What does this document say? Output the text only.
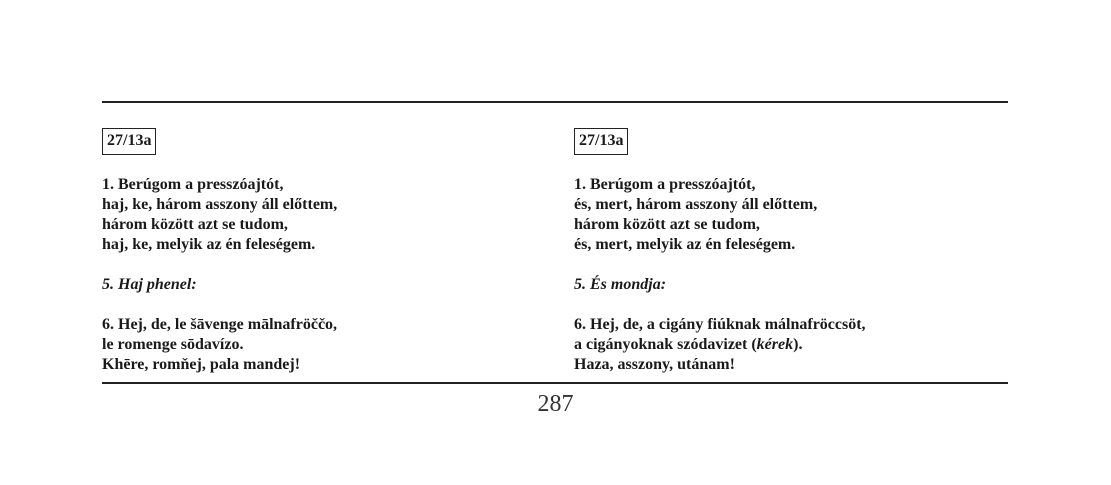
27/13a
1. Berúgom a presszóajtót,
haj, ke, három asszony áll előttem,
három között azt se tudom,
haj, ke, melyik az én feleségem.
5. Haj phenel:
6. Hej, de, le šāvenge mālnafröččo,
le romenge sōdavízo.
Khēre, romňej, pala mandej!
27/13a
1. Berúgom a presszóajtót,
és, mert, három asszony áll előttem,
három között azt se tudom,
és, mert, melyik az én feleségem.
5. És mondja:
6. Hej, de, a cigány fiúknak málnafröccsöt,
a cigányoknak szódavizet (kérek).
Haza, asszony, utánam!
287
